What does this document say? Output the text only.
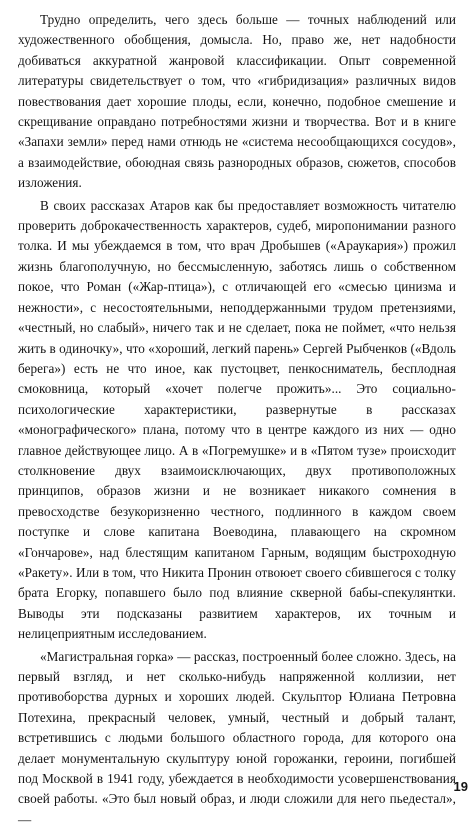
Трудно определить, чего здесь больше — точных наблюдений или художественного обобщения, домысла. Но, право же, нет надобности добиваться аккуратной жанровой классификации. Опыт современной литературы свидетельствует о том, что «гибридизация» различных видов повествования дает хорошие плоды, если, конечно, подобное смешение и скрещивание оправдано потребностями жизни и творчества. Вот и в книге «Запахи земли» перед нами отнюдь не «система несообщающихся сосудов», а взаимодействие, обоюдная связь разнородных образов, сюжетов, способов изложения.

В своих рассказах Атаров как бы предоставляет возможность читателю проверить доброкачественность характеров, судеб, миропонимании разного толка. И мы убеждаемся в том, что врач Дробышев («Араукария») прожил жизнь благополучную, но бессмысленную, заботясь лишь о собственном покое, что Роман («Жар-птица»), с отличающей его «смесью цинизма и нежности», с несостоятельными, неподдержанными трудом претензиями, «честный, но слабый», ничего так и не сделает, пока не поймет, «что нельзя жить в одиночку», что «хороший, легкий парень» Сергей Рыбченков («Вдоль берега») есть не что иное, как пустоцвет, пенкосниматель, бесплодная смоковница, который «хочет полегче прожить»... Это социально-психологические характеристики, развернутые в рассказах «монографического» плана, потому что в центре каждого из них — одно главное действующее лицо. А в «Погремушке» и в «Пятом тузе» происходит столкновение двух взаимоисключающих, двух противоположных принципов, образов жизни и не возникает никакого сомнения в превосходстве безукоризненно честного, подлинного в каждом своем поступке и слове капитана Воеводина, плавающего на скромном «Гончарове», над блестящим капитаном Гарным, водящим быстроходную «Ракету». Или в том, что Никита Пронин отвоюет своего сбившегося с толку брата Егорку, попавшего было под влияние скверной бабы-спекулянтки. Выводы эти подсказаны развитием характеров, их точным и нелицеприятным исследованием.

«Магистральная горка» — рассказ, построенный более сложно. Здесь, на первый взгляд, и нет сколько-нибудь напряженной коллизии, нет противоборства дурных и хороших людей. Скульптор Юлиана Петровна Потехина, прекрасный человек, умный, честный и добрый талант, встретившись с людьми большого областного города, для которого она делает монументальную скульптуру юной горожанки, героини, погибшей под Москвой в 1941 году, убеждается в необходимости усовершенствования своей работы. «Это был новый образ, и люди сложили для него пьедестал», —

19
